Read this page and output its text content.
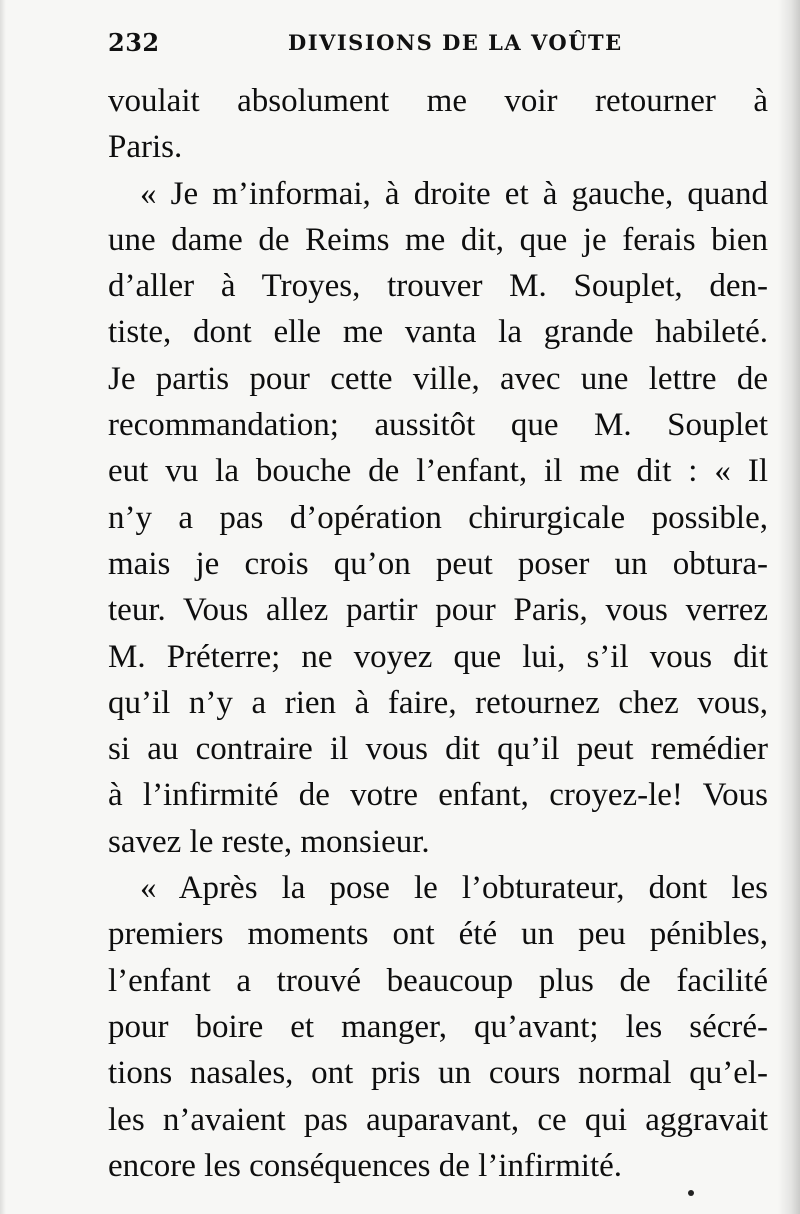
232	DIVISIONS DE LA VOÛTE
voulait absolument me voir retourner à
Paris.
« Je m’informai, à droite et à gauche, quand
une dame de Reims me dit, que je ferais bien
d’aller à Troyes, trouver M. Souplet, den-
tiste, dont elle me vanta la grande habileté.
Je partis pour cette ville, avec une lettre de
recommandation; aussitôt que M. Souplet
eut vu la bouche de l’enfant, il me dit : « Il
n’y a pas d’opération chirurgicale possible,
mais je crois qu’on peut poser un obtura-
teur. Vous allez partir pour Paris, vous verrez
M. Préterre; ne voyez que lui, s’il vous dit
qu’il n’y a rien à faire, retournez chez vous,
si au contraire il vous dit qu’il peut remédier
à l’infirmité de votre enfant, croyez-le! Vous
savez le reste, monsieur.
« Après la pose le l’obturateur, dont les
premiers moments ont été un peu pénibles,
l’enfant a trouvé beaucoup plus de facilité
pour boire et manger, qu’avant; les sécré-
tions nasales, ont pris un cours normal qu’el-
les n’avaient pas auparavant, ce qui aggravait
encore les conséquences de l’infirmité.
